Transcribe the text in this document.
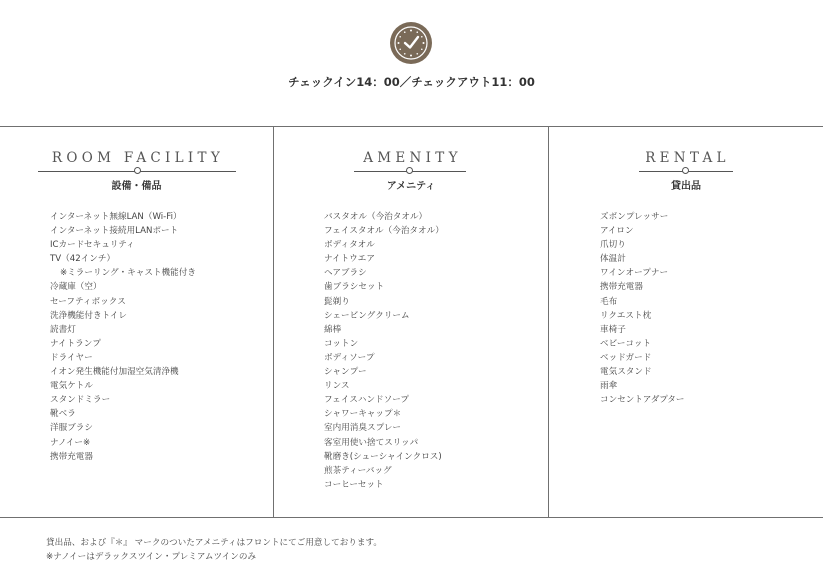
チェックイン14：00／チェックアウト11：00
ROOM FACILITY
設備・備品
インターネット無線LAN（Wi-Fi）
インターネット接続用LANポート
ICカードセキュリティ
TV（42インチ）
※ミラーリング・キャスト機能付き
冷蔵庫（空）
セーフティボックス
洗浄機能付きトイレ
読書灯
ナイトランプ
ドライヤー
イオン発生機能付加湿空気清浄機
電気ケトル
スタンドミラー
靴ベラ
洋服ブラシ
ナノイー※
携帯充電器
AMENITY
アメニティ
バスタオル（今治タオル）
フェイスタオル（今治タオル）
ボディタオル
ナイトウエア
ヘアブラシ
歯ブラシセット
髭剃り
シェービングクリーム
綿棒
コットン
ボディソープ
シャンプー
リンス
フェイスハンドソープ
シャワーキャップ＊
室内用消臭スプレー
客室用使い捨てスリッパ
靴磨き(シューシャインクロス)
煎茶ティーバッグ
コーヒーセット
RENTAL
貸出品
ズボンプレッサー
アイロン
爪切り
体温計
ワインオープナー
携帯充電器
毛布
リクエスト枕
車椅子
ベビーコット
ベッドガード
電気スタンド
雨傘
コンセントアダプター
貸出品、および『＊』 マークのついたアメニティはフロントにてご用意しております。
※ナノイーはデラックスツイン・プレミアムツインのみ
